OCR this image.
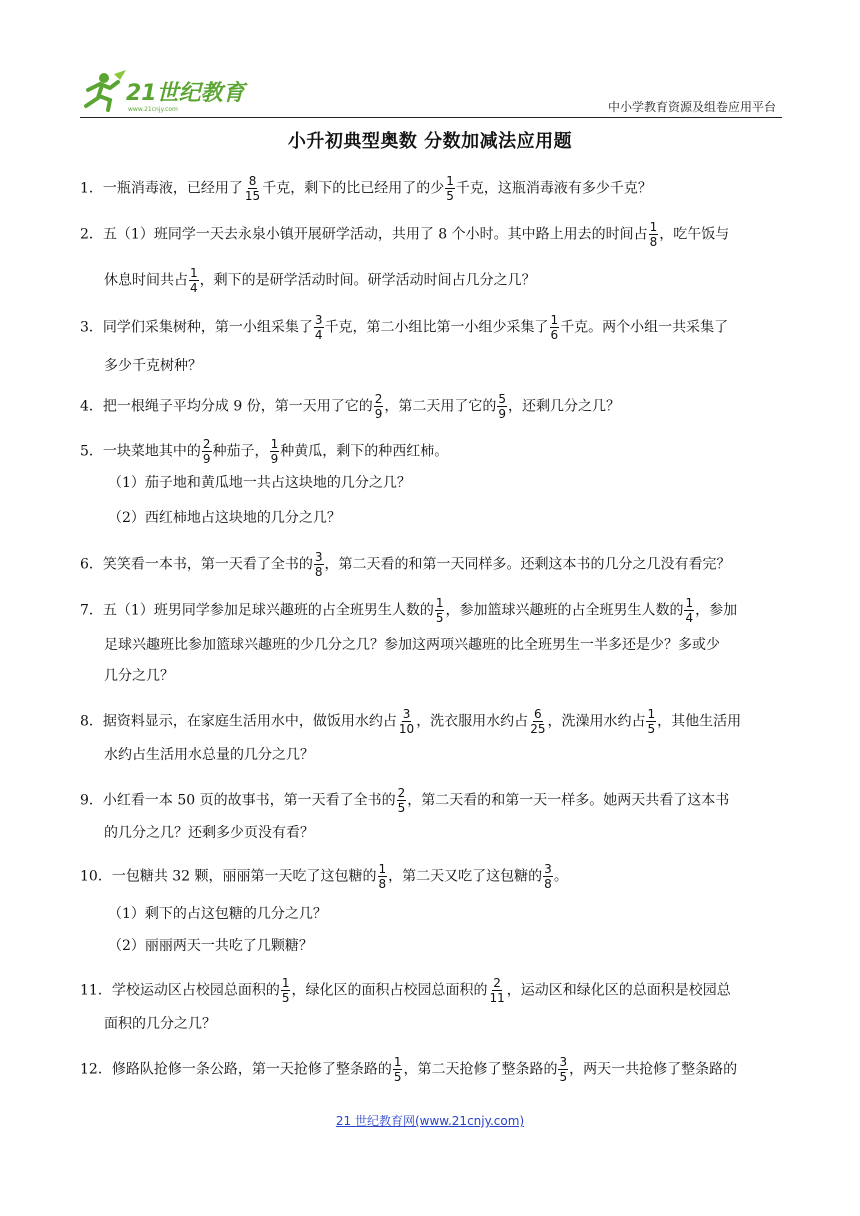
21世纪教育
www.21cnjy.com	中小学教育资源及组卷应用平台
小升初典型奥数 分数加减法应用题
1．一瓶消毒液，已经用了 $\frac{8}{15}$ 千克，剩下的比已经用了的少 $\frac{1}{5}$ 千克，这瓶消毒液有多少千克？
2．五（1）班同学一天去永泉小镇开展研学活动，共用了 8 个小时。其中路上用去的时间占 $\frac{1}{8}$ ，吃午饭与
休息时间共占 $\frac{1}{4}$ ，剩下的是研学活动时间。研学活动时间占几分之几？
3．同学们采集树种，第一小组采集了 $\frac{3}{4}$ 千克，第二小组比第一小组少采集了 $\frac{1}{6}$ 千克。两个小组一共采集了
多少千克树种？
4．把一根绳子平均分成 9 份，第一天用了它的 $\frac{2}{9}$ ，第二天用了它的 $\frac{5}{9}$ ，还剩几分之几？
5．一块菜地其中的 $\frac{2}{9}$ 种茄子， $\frac{1}{9}$ 种黄瓜，剩下的种西红柿。
（1）茄子地和黄瓜地一共占这块地的几分之几？
（2）西红柿地占这块地的几分之几？
6．笑笑看一本书，第一天看了全书的 $\frac{3}{8}$ ，第二天看的和第一天同样多。还剩这本书的几分之几没有看完？
7．五（1）班男同学参加足球兴趣班的占全班男生人数的 $\frac{1}{5}$ ，参加篮球兴趣班的占全班男生人数的 $\frac{1}{4}$ ，参加
足球兴趣班比参加篮球兴趣班的少几分之几？参加这两项兴趣班的比全班男生一半多还是少？多或少
几分之几？
8．据资料显示，在家庭生活用水中，做饭用水约占 $\frac{3}{10}$ ，洗衣服用水约占 $\frac{6}{25}$ ，洗澡用水约占 $\frac{1}{5}$ ，其他生活用
水约占生活用水总量的几分之几？
9．小红看一本 50 页的故事书，第一天看了全书的 $\frac{2}{5}$ ，第二天看的和第一天一样多。她两天共看了这本书
的几分之几？还剩多少页没有看？
10．一包糖共 32 颗，丽丽第一天吃了这包糖的 $\frac{1}{8}$ ，第二天又吃了这包糖的 $\frac{3}{8}$ 。
（1）剩下的占这包糖的几分之几？
（2）丽丽两天一共吃了几颗糖？
11．学校运动区占校园总面积的 $\frac{1}{5}$ ，绿化区的面积占校园总面积的 $\frac{2}{11}$ ，运动区和绿化区的总面积是校园总
面积的几分之几？
12．修路队抢修一条公路，第一天抢修了整条路的 $\frac{1}{5}$ ，第二天抢修了整条路的 $\frac{3}{5}$ ，两天一共抢修了整条路的
21 世纪教育网(www.21cnjy.com)
